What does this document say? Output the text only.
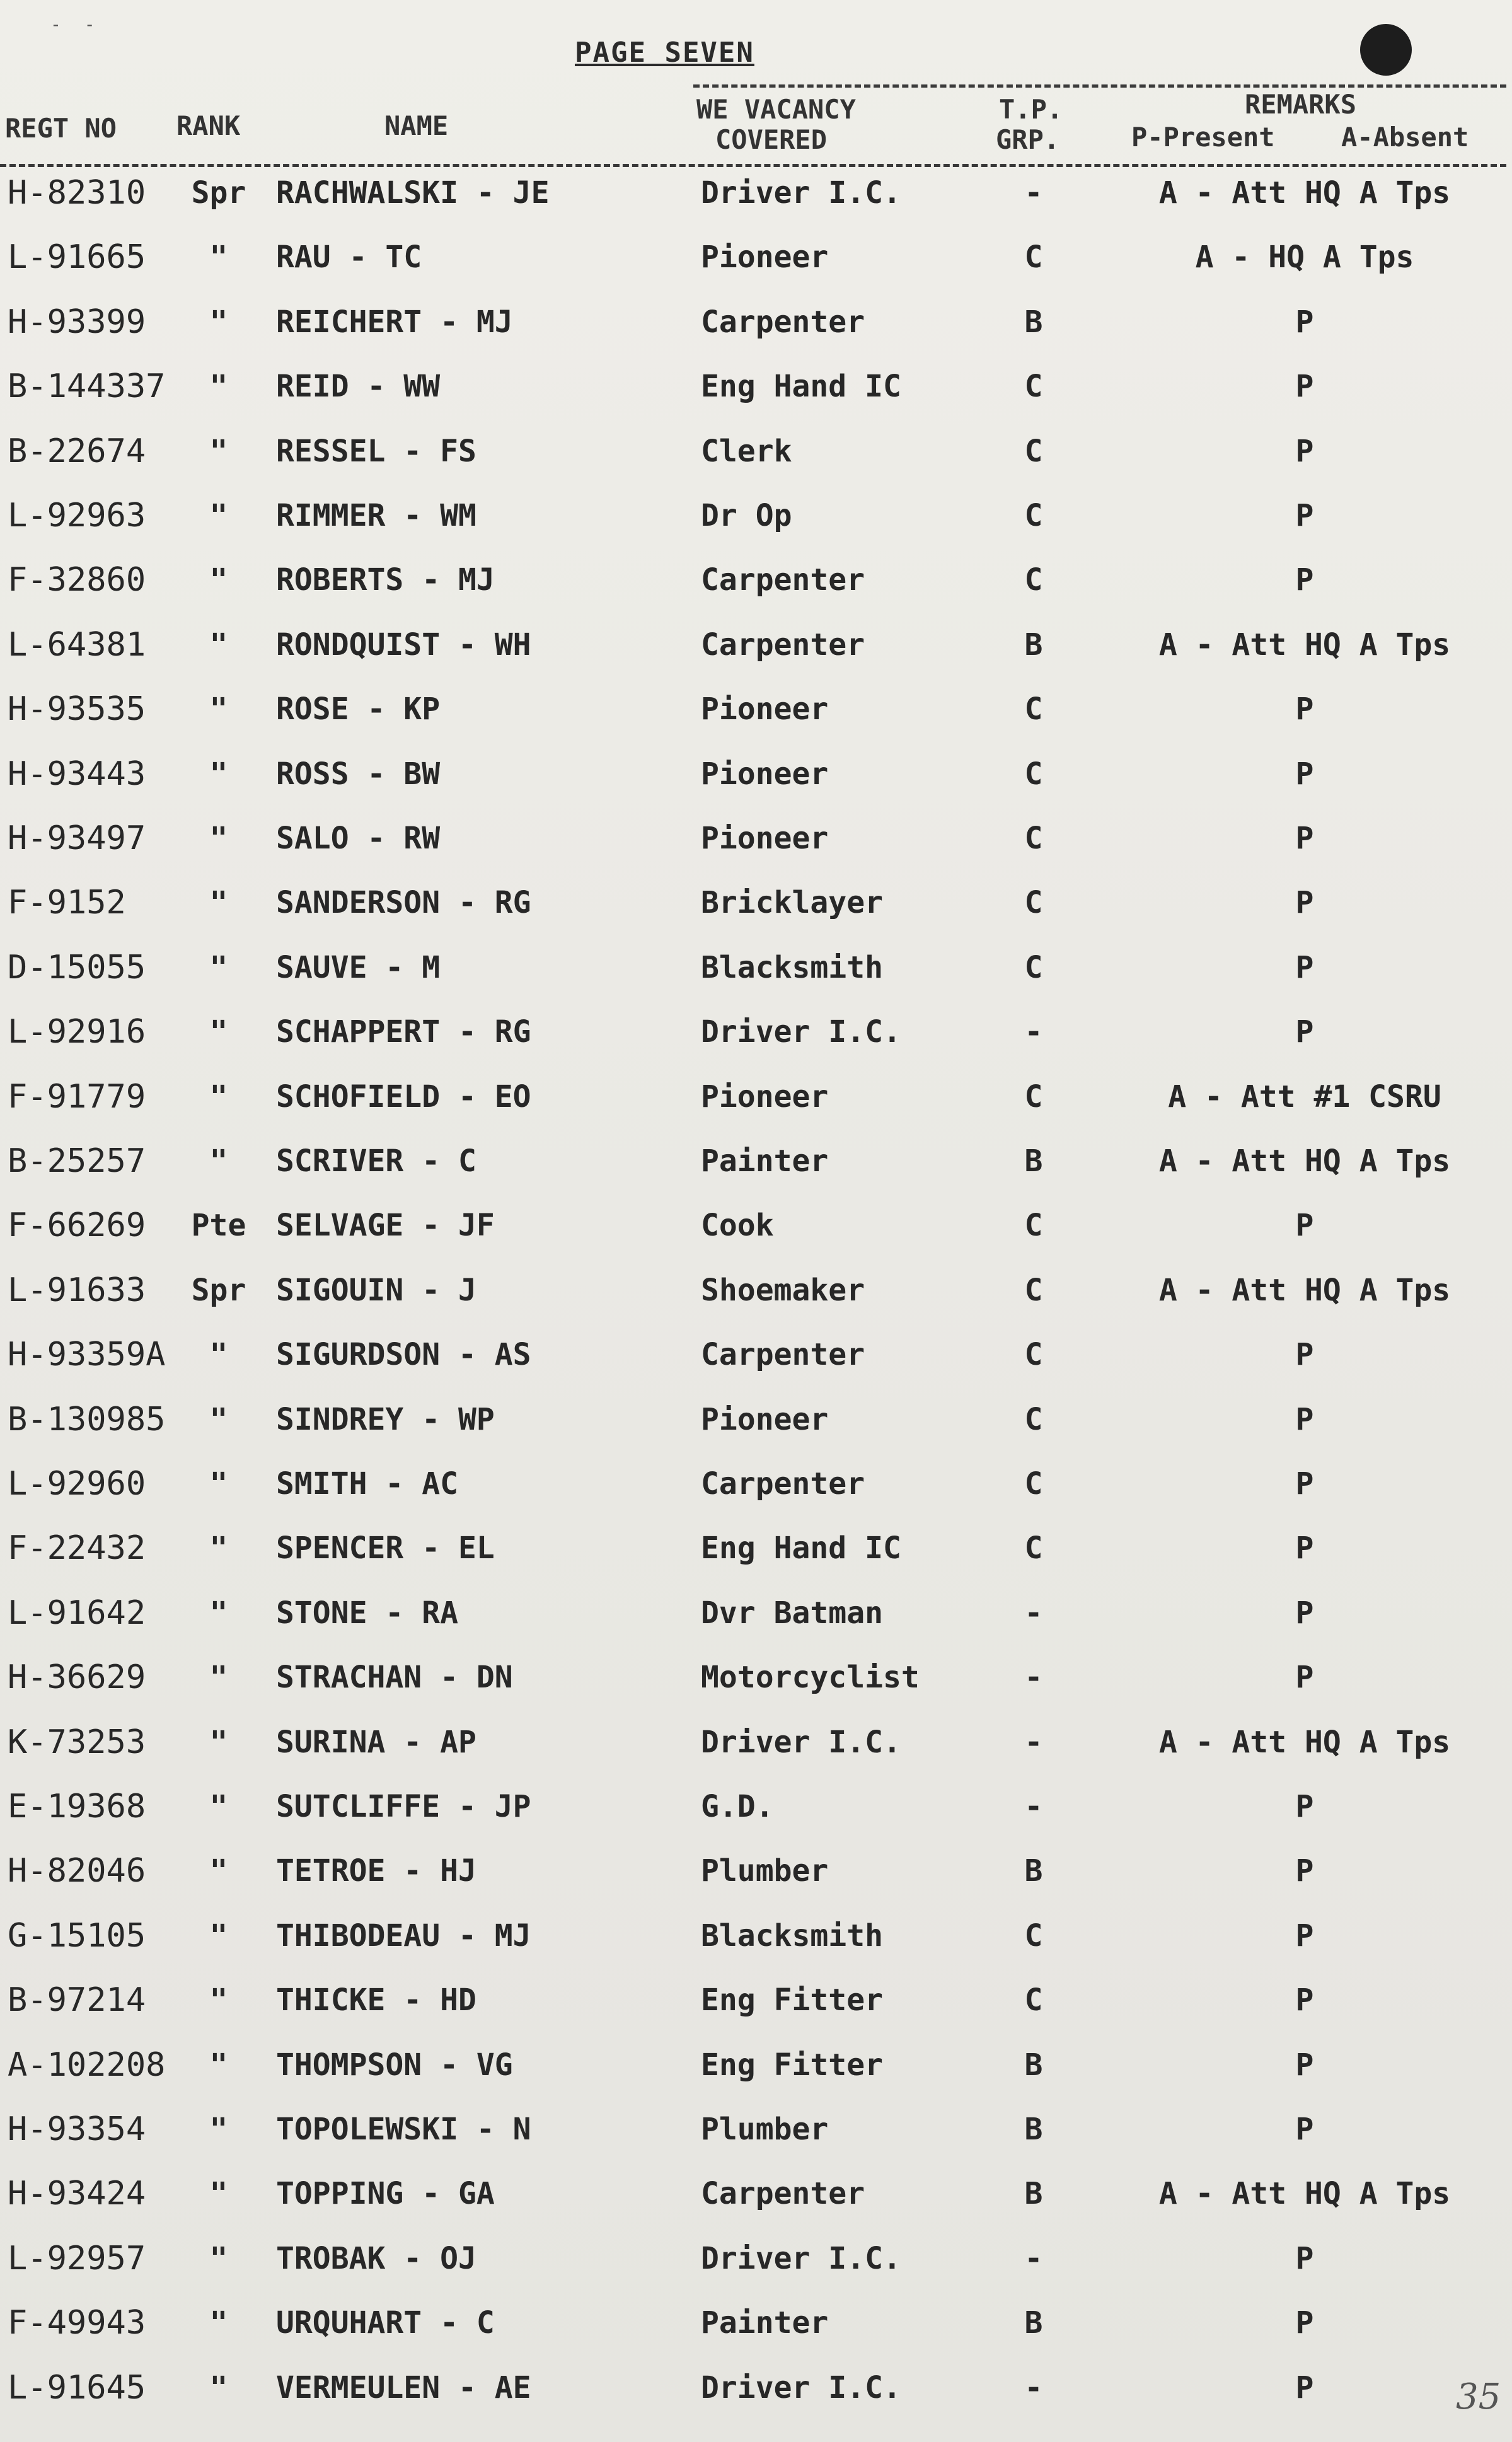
- -
PAGE SEVEN
REGT NO RANK	NAME
WE VACANCY
COVERED
T.P.
GRP.
REMARKS
P-Present	A-Absent
H-82310 Spr RACHWALSKI - JE	Driver I.C.	-	A - Att HQ A Tps
L-91665	"	RAU - TC	Pioneer	C	A - HQ A Tps
H-93399	"	REICHERT - MJ	Carpenter	B	P
B-144337	"	REID - WW	Eng Hand IC	C	P
B-22674	"	RESSEL - FS	Clerk	C	P
L-92963	"	RIMMER - WM	Dr Op	C	P
F-32860	"	ROBERTS - MJ	Carpenter	C	P
L-64381	"	RONDQUIST - WH	Carpenter	B	A - Att HQ A Tps
H-93535	"	ROSE - KP	Pioneer	C	P
H-93443	"	ROSS - BW	Pioneer	C	P
H-93497	"	SALO - RW	Pioneer	C	P
F-9152	"	SANDERSON - RG	Bricklayer	C	P
D-15055	"	SAUVE - M	Blacksmith	C	P
L-92916	"	SCHAPPERT - RG	Driver I.C.	-	P
F-91779	"	SCHOFIELD - EO	Pioneer	C	A - Att #1 CSRU
B-25257	"	SCRIVER - C	Painter	B	A - Att HQ A Tps
F-66269 Pte SELVAGE - JF	Cook	C	P
L-91633 Spr SIGOUIN - J	Shoemaker	C	A - Att HQ A Tps
H-93359A	"	SIGURDSON - AS	Carpenter	C	P
B-130985	"	SINDREY - WP	Pioneer	C	P
L-92960	"	SMITH - AC	Carpenter	C	P
F-22432	"	SPENCER - EL	Eng Hand IC	C	P
L-91642	"	STONE - RA	Dvr Batman	-	P
H-36629	"	STRACHAN - DN	Motorcyclist	-	P
K-73253	"	SURINA - AP	Driver I.C.	-	A - Att HQ A Tps
E-19368	"	SUTCLIFFE - JP	G.D.	-	P
H-82046	"	TETROE - HJ	Plumber	B	P
G-15105	"	THIBODEAU - MJ	Blacksmith	C	P
B-97214	"	THICKE - HD	Eng Fitter	C	P
A-102208	"	THOMPSON - VG	Eng Fitter	B	P
H-93354	"	TOPOLEWSKI - N	Plumber	B	P
H-93424	"	TOPPING - GA	Carpenter	B	A - Att HQ A Tps
L-92957	"	TROBAK - OJ	Driver I.C.	-	P
F-49943	"	URQUHART - C	Painter	B	P
L-91645	"	VERMEULEN - AE	Driver I.C.	-	P	35
